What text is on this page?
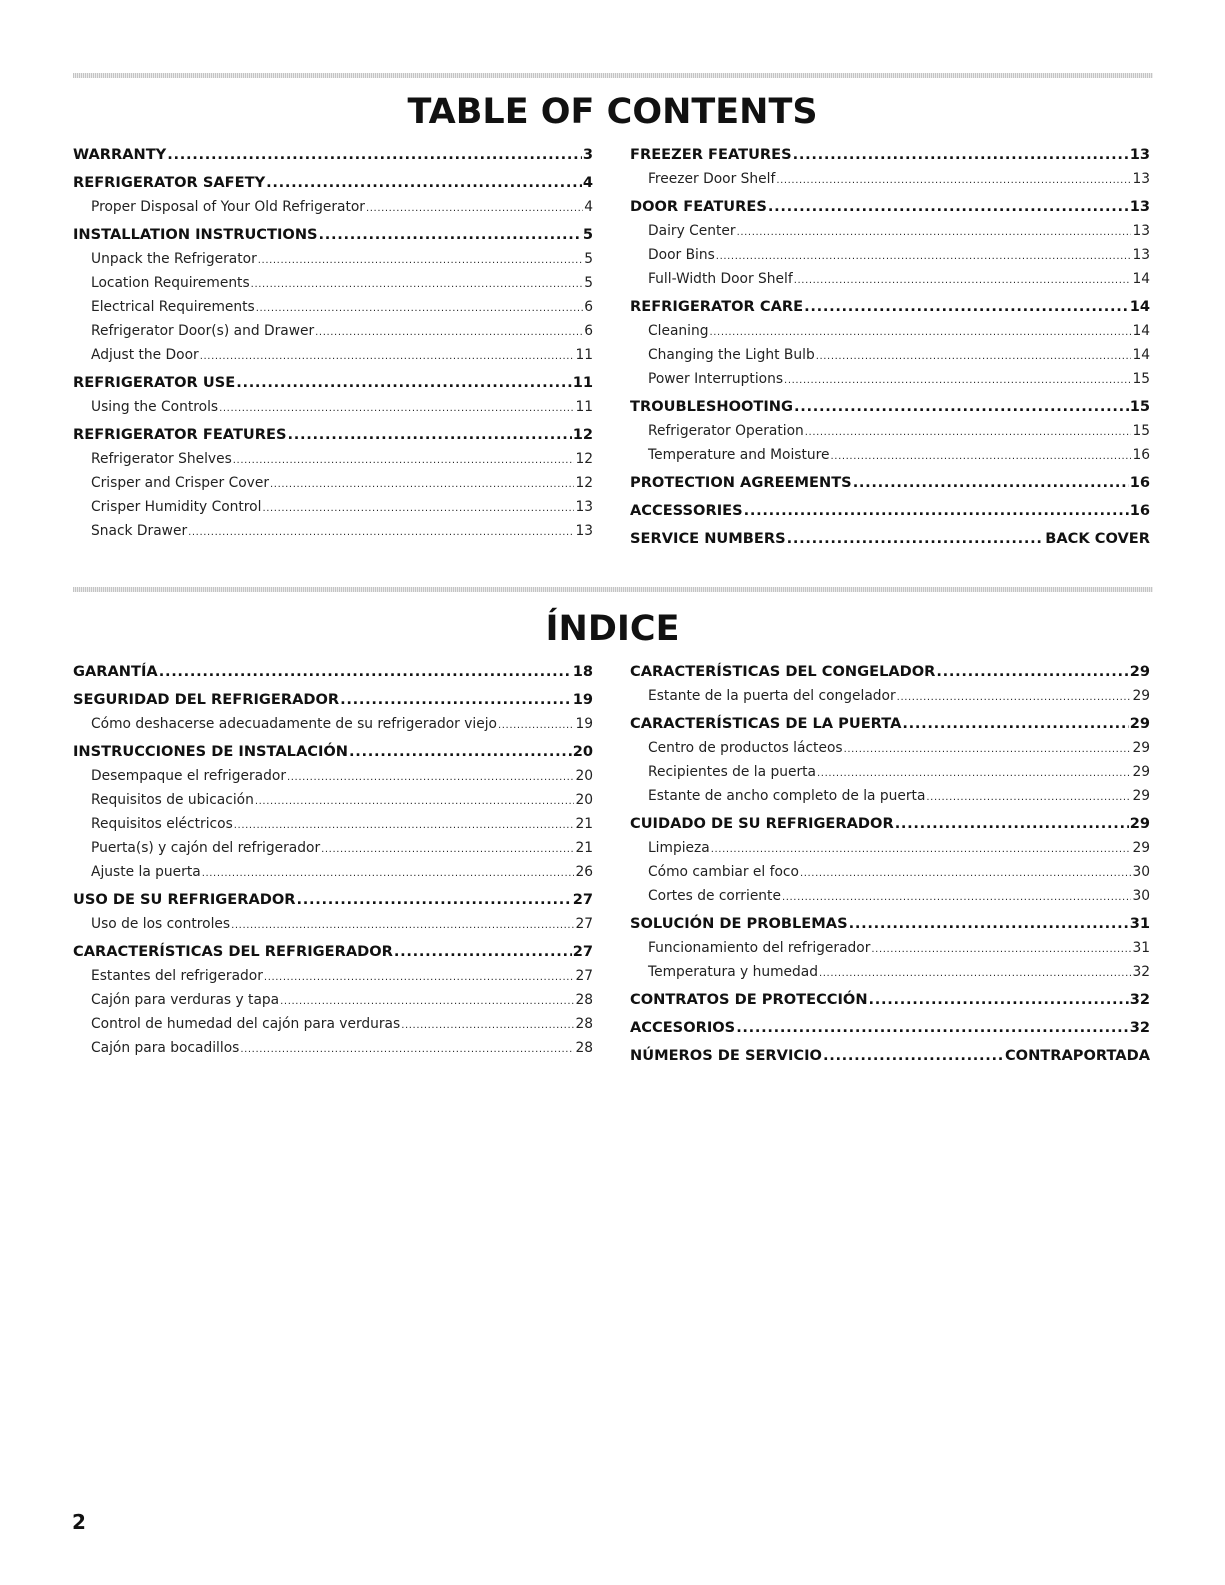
TABLE OF CONTENTS
WARRANTY .....	3
REFRIGERATOR SAFETY .....	4
Proper Disposal of Your Old Refrigerator .....	4
INSTALLATION INSTRUCTIONS .....	5
Unpack the Refrigerator .....	5
Location Requirements .....	5
Electrical Requirements .....	6
Refrigerator Door(s) and Drawer .....	6
Adjust the Door .....	11
REFRIGERATOR USE .....	11
Using the Controls .....	11
REFRIGERATOR FEATURES .....	12
Refrigerator Shelves .....	12
Crisper and Crisper Cover .....	12
Crisper Humidity Control .....	13
Snack Drawer .....	13
FREEZER FEATURES .....	13
Freezer Door Shelf .....	13
DOOR FEATURES .....	13
Dairy Center .....	13
Door Bins .....	13
Full-Width Door Shelf .....	14
REFRIGERATOR CARE .....	14
Cleaning .....	14
Changing the Light Bulb .....	14
Power Interruptions .....	15
TROUBLESHOOTING .....	15
Refrigerator Operation .....	15
Temperature and Moisture .....	16
PROTECTION AGREEMENTS .....	16
ACCESSORIES .....	16
SERVICE NUMBERS .....	BACK COVER
ÍNDICE
GARANTÍA .....	18
SEGURIDAD DEL REFRIGERADOR .....	19
Cómo deshacerse adecuadamente de su refrigerador viejo .....	19
INSTRUCCIONES DE INSTALACIÓN .....	20
Desempaque el refrigerador .....	20
Requisitos de ubicación .....	20
Requisitos eléctricos .....	21
Puerta(s) y cajón del refrigerador .....	21
Ajuste la puerta .....	26
USO DE SU REFRIGERADOR .....	27
Uso de los controles .....	27
CARACTERÍSTICAS DEL REFRIGERADOR .....	27
Estantes del refrigerador .....	27
Cajón para verduras y tapa .....	28
Control de humedad del cajón para verduras .....	28
Cajón para bocadillos .....	28
CARACTERÍSTICAS DEL CONGELADOR .....	29
Estante de la puerta del congelador .....	29
CARACTERÍSTICAS DE LA PUERTA .....	29
Centro de productos lácteos .....	29
Recipientes de la puerta .....	29
Estante de ancho completo de la puerta .....	29
CUIDADO DE SU REFRIGERADOR .....	29
Limpieza .....	29
Cómo cambiar el foco .....	30
Cortes de corriente .....	30
SOLUCIÓN DE PROBLEMAS .....	31
Funcionamiento del refrigerador .....	31
Temperatura y humedad .....	32
CONTRATOS DE PROTECCIÓN .....	32
ACCESORIOS .....	32
NÚMEROS DE SERVICIO .....	CONTRAPORTADA

2
